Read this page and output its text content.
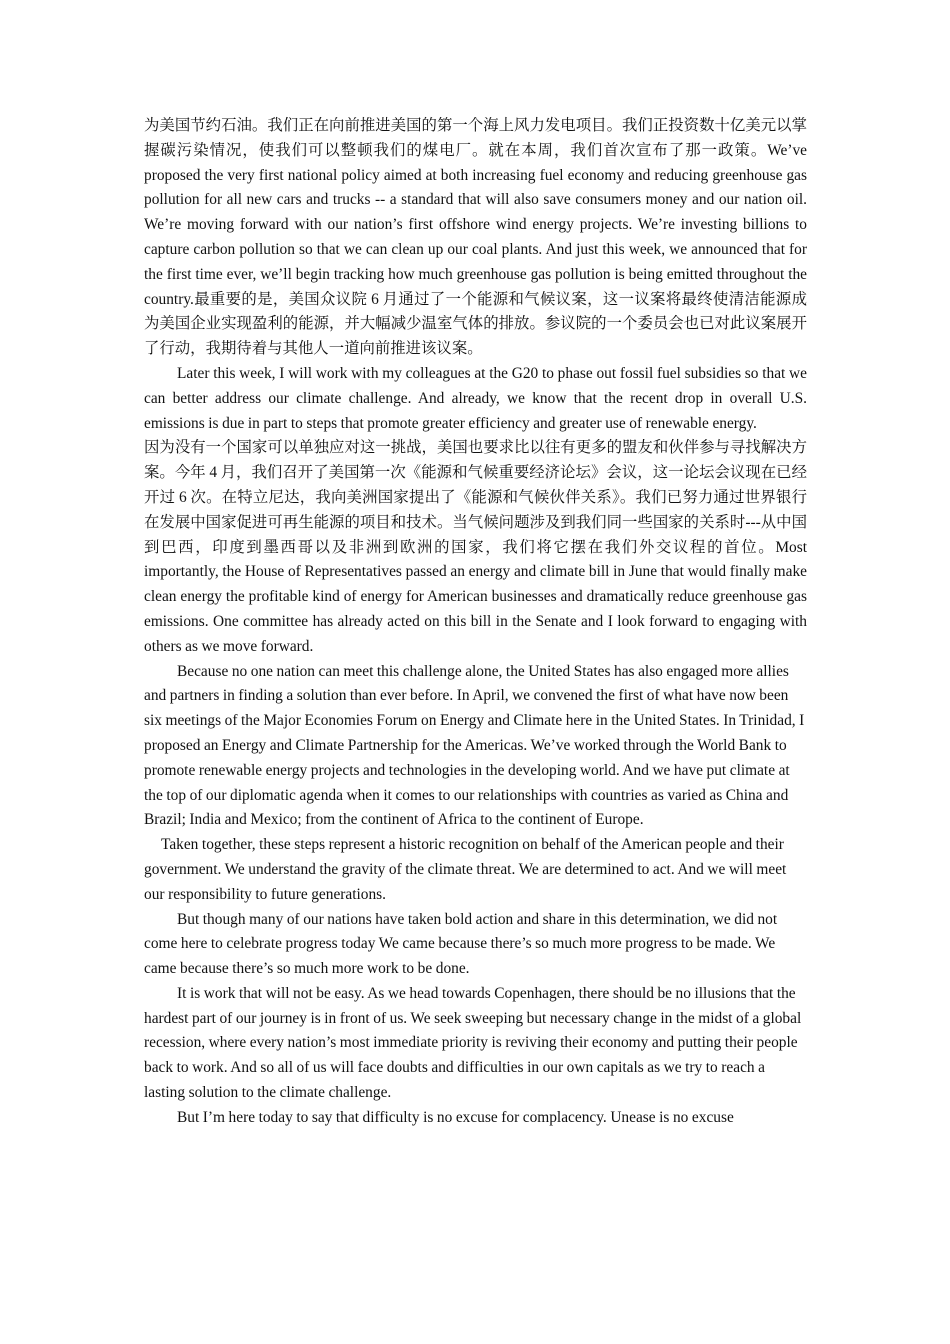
为美国节约石油。我们正在向前推进美国的第一个海上风力发电项目。我们正投资数十亿美元以掌握碳污染情况，使我们可以整顿我们的煤电厂。就在本周，我们首次宣布了那一政策。We’ve proposed the very first national policy aimed at both increasing fuel economy and reducing greenhouse gas pollution for all new cars and trucks -- a standard that will also save consumers money and our nation oil. We’re moving forward with our nation’s first offshore wind energy projects. We’re investing billions to capture carbon pollution so that we can clean up our coal plants. And just this week, we announced that for the first time ever, we’ll begin tracking how much greenhouse gas pollution is being emitted throughout the country.最重要的是，美国众议院 6 月通过了一个能源和气候议案，这一议案将最终使清洁能源成为美国企业实现盈利的能源，并大幅减少温室气体的排放。参议院的一个委员会也已对此议案展开了行动，我期待着与其他人一道向前推进该议案。

Later this week, I will work with my colleagues at the G20 to phase out fossil fuel subsidies so that we can better address our climate challenge. And already, we know that the recent drop in overall U.S. emissions is due in part to steps that promote greater efficiency and greater use of renewable energy.

因为没有一个国家可以单独应对这一挑战，美国也要求比以往有更多的盟友和伙伴参与寻找解决方案。今年 4 月，我们召开了美国第一次《能源和气候重要经济论坛》会议，这一论坛会议现在已经开过 6 次。在特立尼达，我向美洲国家提出了《能源和气候伙伴关系》。我们已努力通过世界银行在发展中国家促进可再生能源的项目和技术。当气候问题涉及到我们同一些国家的关系时---从中国到巴西，印度到墨西哥以及非洲到欧洲的国家，我们将它摆在我们外交议程的首位。Most importantly, the House of Representatives passed an energy and climate bill in June that would finally make clean energy the profitable kind of energy for American businesses and dramatically reduce greenhouse gas emissions. One committee has already acted on this bill in the Senate and I look forward to engaging with others as we move forward.

Because no one nation can meet this challenge alone, the United States has also engaged more allies and partners in finding a solution than ever before. In April, we convened the first of what have now been six meetings of the Major Economies Forum on Energy and Climate here in the United States. In Trinidad, I proposed an Energy and Climate Partnership for the Americas. We’ve worked through the World Bank to promote renewable energy projects and technologies in the developing world. And we have put climate at the top of our diplomatic agenda when it comes to our relationships with countries as varied as China and Brazil; India and Mexico; from the continent of Africa to the continent of Europe.

Taken together, these steps represent a historic recognition on behalf of the American people and their government. We understand the gravity of the climate threat. We are determined to act. And we will meet our responsibility to future generations.

But though many of our nations have taken bold action and share in this determination, we did not come here to celebrate progress today We came because there’s so much more progress to be made. We came because there’s so much more work to be done.

It is work that will not be easy. As we head towards Copenhagen, there should be no illusions that the hardest part of our journey is in front of us. We seek sweeping but necessary change in the midst of a global recession, where every nation’s most immediate priority is reviving their economy and putting their people back to work. And so all of us will face doubts and difficulties in our own capitals as we try to reach a lasting solution to the climate challenge.

But I’m here today to say that difficulty is no excuse for complacency. Unease is no excuse
